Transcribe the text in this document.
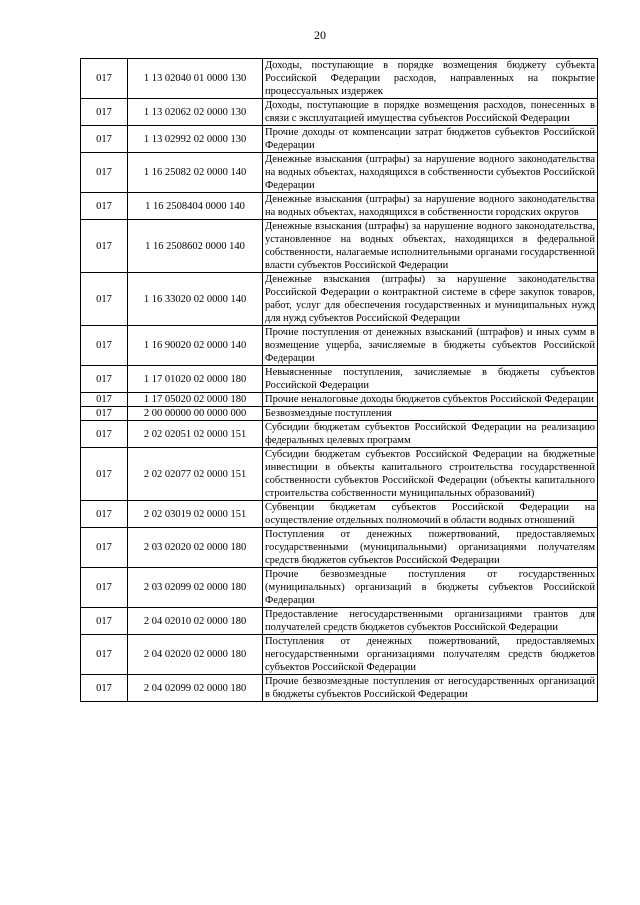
20
017	1 13 02040 01 0000 130	Доходы, поступающие в порядке возмещения бюджету субъекта Российской Федерации расходов, направленных на покрытие процессуальных издержек
017	1 13 02062 02 0000 130	Доходы, поступающие в порядке возмещения расходов, понесенных в связи с эксплуатацией имущества субъектов Российской Федерации
017	1 13 02992 02 0000 130	Прочие доходы от компенсации затрат бюджетов субъектов Российской Федерации
017	1 16 25082 02 0000 140	Денежные взыскания (штрафы) за нарушение водного законодательства на водных объектах, находящихся в собственности субъектов Российской Федерации
017	1 16 2508404 0000 140	Денежные взыскания (штрафы) за нарушение водного законодательства на водных объектах, находящихся в собственности городских округов
017	1 16 2508602 0000 140	Денежные взыскания (штрафы) за нарушение водного законодательства, установленное на водных объектах, находящихся в федеральной собственности, налагаемые исполнительными органами государственной власти субъектов Российской Федерации
017	1 16 33020 02 0000 140	Денежные взыскания (штрафы) за нарушение законодательства Российской Федерации о контрактной системе в сфере закупок товаров, работ, услуг для обеспечения государственных и муниципальных нужд для нужд субъектов Российской Федерации
017	1 16 90020 02 0000 140	Прочие поступления от денежных взысканий (штрафов) и иных сумм в возмещение ущерба, зачисляемые в бюджеты субъектов Российской Федерации
017	1 17 01020 02 0000 180	Невыясненные поступления, зачисляемые в бюджеты субъектов Российской Федерации
017	1 17 05020 02 0000 180	Прочие неналоговые доходы бюджетов субъектов Российской Федерации
017	2 00 00000 00 0000 000	Безвозмездные поступления
017	2 02 02051 02 0000 151	Субсидии бюджетам субъектов Российской Федерации на реализацию федеральных целевых программ
017	2 02 02077 02 0000 151	Субсидии бюджетам субъектов Российской Федерации на бюджетные инвестиции в объекты капитального строительства государственной собственности субъектов Российской Федерации (объекты капитального строительства собственности муниципальных образований)
017	2 02 03019 02 0000 151	Субвенции бюджетам субъектов Российской Федерации на осуществление отдельных полномочий в области водных отношений
017	2 03 02020 02 0000 180	Поступления от денежных пожертвований, предоставляемых государственными (муниципальными) организациями получателям средств бюджетов субъектов Российской Федерации
017	2 03 02099 02 0000 180	Прочие безвозмездные поступления от государственных (муниципальных) организаций в бюджеты субъектов Российской Федерации
017	2 04 02010 02 0000 180	Предоставление негосударственными организациями грантов для получателей средств бюджетов субъектов Российской Федерации
017	2 04 02020 02 0000 180	Поступления от денежных пожертвований, предоставляемых негосударственными организациями получателям средств бюджетов субъектов Российской Федерации
017	2 04 02099 02 0000 180	Прочие безвозмездные поступления от негосударственных организаций в бюджеты субъектов Российской Федерации
